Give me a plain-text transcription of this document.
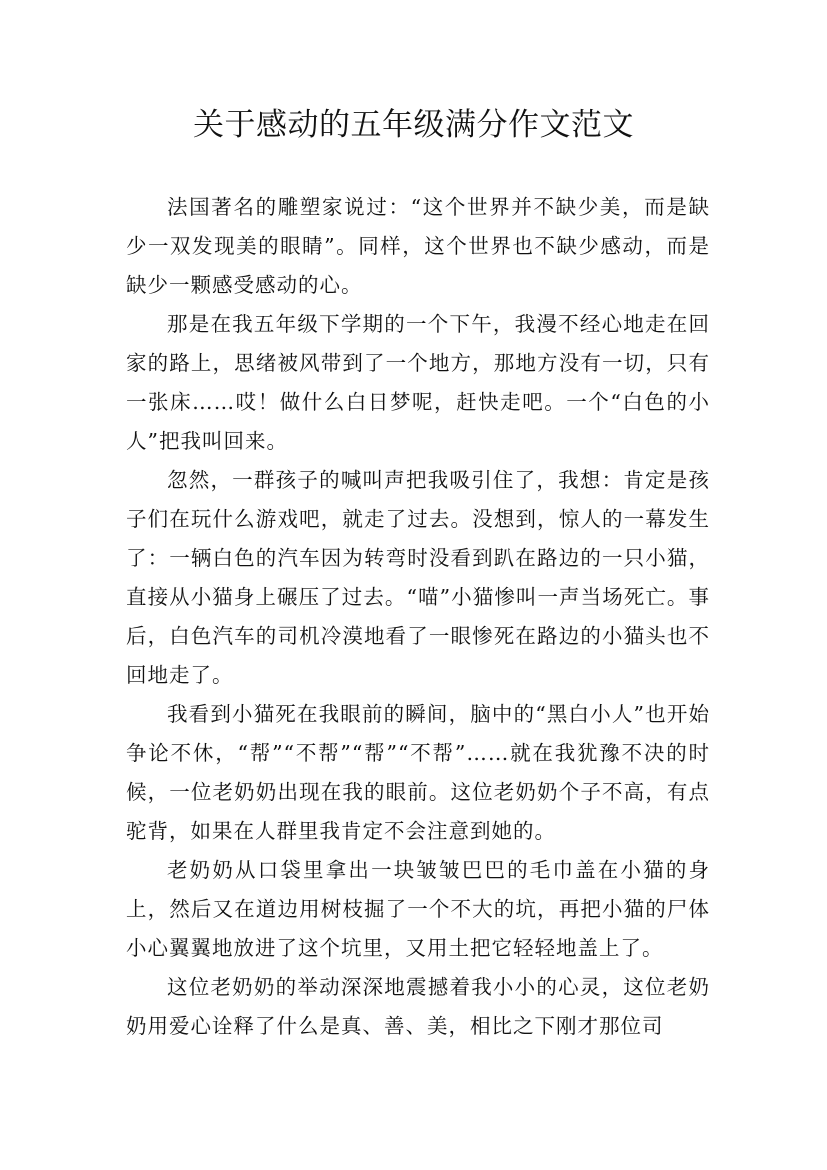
关于感动的五年级满分作文范文

法国著名的雕塑家说过：“这个世界并不缺少美，而是缺少一双发现美的眼睛”。同样，这个世界也不缺少感动，而是缺少一颗感受感动的心。

那是在我五年级下学期的一个下午，我漫不经心地走在回家的路上，思绪被风带到了一个地方，那地方没有一切，只有一张床……哎！做什么白日梦呢，赶快走吧。一个“白色的小人”把我叫回来。

忽然，一群孩子的喊叫声把我吸引住了，我想：肯定是孩子们在玩什么游戏吧，就走了过去。没想到，惊人的一幕发生了：一辆白色的汽车因为转弯时没看到趴在路边的一只小猫，直接从小猫身上碾压了过去。“喵”小猫惨叫一声当场死亡。事后，白色汽车的司机冷漠地看了一眼惨死在路边的小猫头也不回地走了。

我看到小猫死在我眼前的瞬间，脑中的“黑白小人”也开始争论不休，“帮”“不帮”“帮”“不帮”……就在我犹豫不决的时候，一位老奶奶出现在我的眼前。这位老奶奶个子不高，有点驼背，如果在人群里我肯定不会注意到她的。

老奶奶从口袋里拿出一块皱皱巴巴的毛巾盖在小猫的身上，然后又在道边用树枝掘了一个不大的坑，再把小猫的尸体小心翼翼地放进了这个坑里，又用土把它轻轻地盖上了。

这位老奶奶的举动深深地震撼着我小小的心灵，这位老奶奶用爱心诠释了什么是真、善、美，相比之下刚才那位司
